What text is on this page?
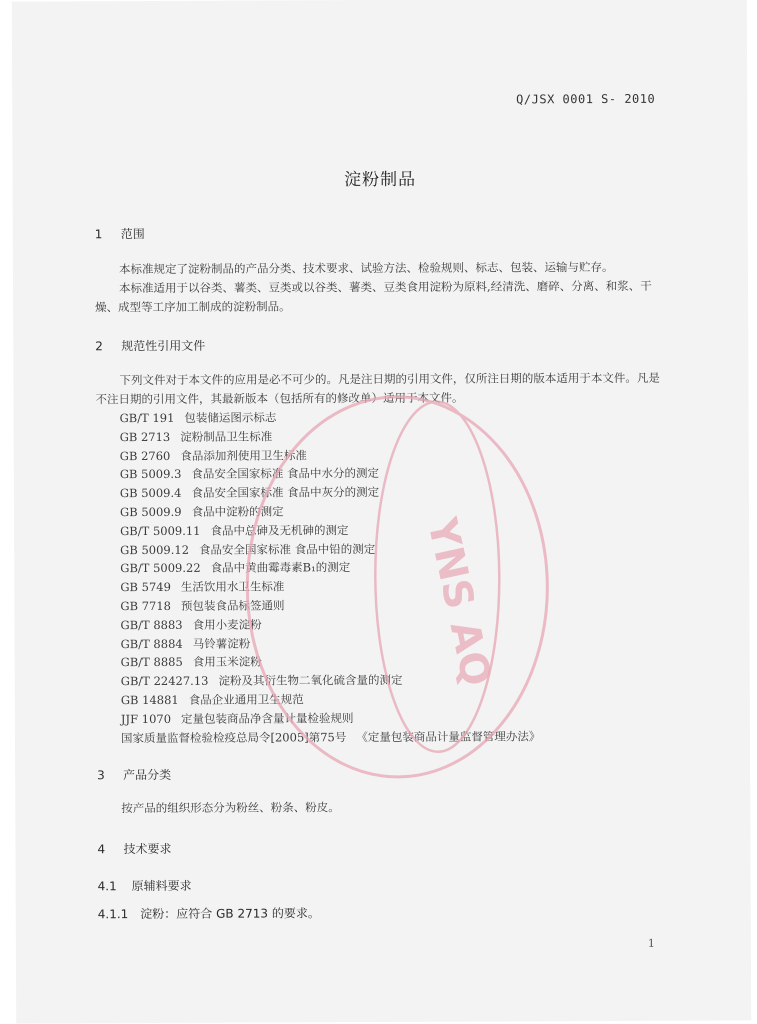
Q/JSX 0001 S- 2010
淀粉制品
1 范围
本标准规定了淀粉制品的产品分类、技术要求、试验方法、检验规则、标志、包装、运输与贮存。
本标准适用于以谷类、薯类、豆类或以谷类、薯类、豆类食用淀粉为原料,经清洗、磨碎、分离、和浆、干燥、成型等工序加工制成的淀粉制品。
2 规范性引用文件
下列文件对于本文件的应用是必不可少的。凡是注日期的引用文件，仅所注日期的版本适用于本文件。凡是不注日期的引用文件，其最新版本（包括所有的修改单）适用于本文件。
GB/T 191 包装储运图示标志
GB 2713 淀粉制品卫生标准
GB 2760 食品添加剂使用卫生标准
GB 5009.3 食品安全国家标准 食品中水分的测定
GB 5009.4 食品安全国家标准 食品中灰分的测定
GB 5009.9 食品中淀粉的测定
GB/T 5009.11 食品中总砷及无机砷的测定
GB 5009.12 食品安全国家标准 食品中铅的测定
GB/T 5009.22 食品中黄曲霉毒素B₁的测定
GB 5749 生活饮用水卫生标准
GB 7718 预包装食品标签通则
GB/T 8883 食用小麦淀粉
GB/T 8884 马铃薯淀粉
GB/T 8885 食用玉米淀粉
GB/T 22427.13 淀粉及其衍生物二氧化硫含量的测定
GB 14881 食品企业通用卫生规范
JJF 1070 定量包装商品净含量计量检验规则
国家质量监督检验检疫总局令[2005]第75号 《定量包装商品计量监督管理办法》
3 产品分类
按产品的组织形态分为粉丝、粉条、粉皮。
4 技术要求
4.1 原辅料要求
4.1.1　淀粉：应符合 GB 2713 的要求。
1
YNS AQ
